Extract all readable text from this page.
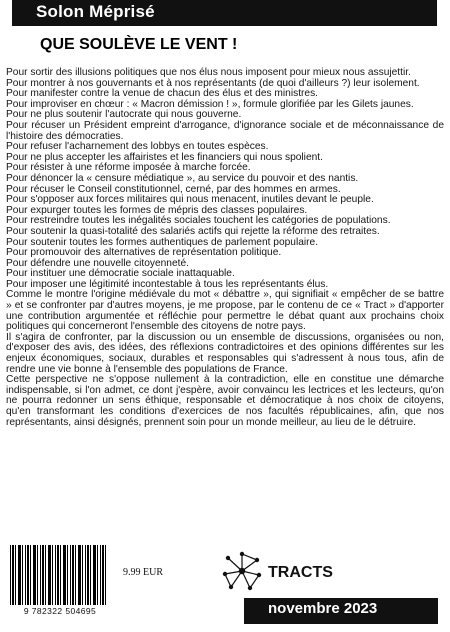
Solon Méprisé
QUE SOULÈVE LE VENT !

Pour sortir des illusions politiques que nos élus nous imposent pour mieux nous assujettir.

Pour montrer à nos gouvernants et à nos représentants (de quoi d'ailleurs ?) leur isolement.

Pour manifester contre la venue de chacun des élus et des ministres.

Pour improviser en chœur : « Macron démission ! », formule glorifiée par les Gilets jaunes.

Pour ne plus soutenir l'autocrate qui nous gouverne.

Pour récuser un Président empreint d'arrogance, d'ignorance sociale et de méconnaissance de l'histoire des démocraties.

Pour refuser l'acharnement des lobbys en toutes espèces.

Pour ne plus accepter les affairistes et les financiers qui nous spolient.

Pour résister à une réforme imposée à marche forcée.

Pour dénoncer la « censure médiatique », au service du pouvoir et des nantis.

Pour récuser le Conseil constitutionnel, cerné, par des hommes en armes.

Pour s'opposer aux forces militaires qui nous menacent, inutiles devant le peuple.

Pour expurger toutes les formes de mépris des classes populaires.

Pour restreindre toutes les inégalités sociales touchent les catégories de populations.

Pour soutenir la quasi-totalité des salariés actifs qui rejette la réforme des retraites.

Pour soutenir toutes les formes authentiques de parlement populaire.

Pour promouvoir des alternatives de représentation politique.

Pour défendre une nouvelle citoyenneté.

Pour instituer une démocratie sociale inattaquable.

Pour imposer une légitimité incontestable à tous les représentants élus.

Comme le montre l'origine médiévale du mot « débattre », qui signifiait « empêcher de se battre » et se confronter par d'autres moyens, je me propose, par le contenu de ce « Tract » d'apporter une contribution argumentée et réfléchie pour permettre le débat quant aux prochains choix politiques qui concerneront l'ensemble des citoyens de notre pays.

Il s'agira de confronter, par la discussion ou un ensemble de discussions, organisées ou non, d'exposer des avis, des idées, des réflexions contradictoires et des opinions différentes sur les enjeux économiques, sociaux, durables et responsables qui s'adressent à nous tous, afin de rendre une vie bonne à l'ensemble des populations de France.

Cette perspective ne s'oppose nullement à la contradiction, elle en constitue une démarche indispensable, si l'on admet, ce dont j'espère, avoir convaincu les lectrices et les lecteurs, qu'on ne pourra redonner un sens éthique, responsable et démocratique à nos choix de citoyens, qu'en transformant les conditions d'exercices de nos facultés républicaines, afin, que nos représentants, ainsi désignés, prennent soin pour un monde meilleur, au lieu de le détruire.

9 782322 504695
9.99 EUR	TRACTS
novembre 2023
